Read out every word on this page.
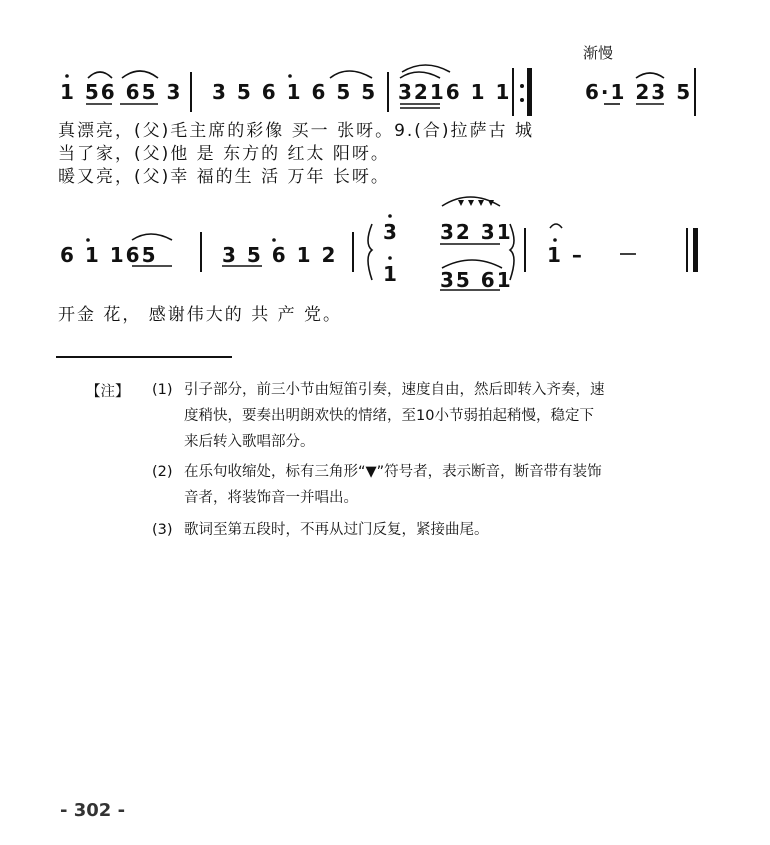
渐慢
1 56 65 3 3 5 6 1 6 5 5 3216 1 1	6·1 23 5
真漂亮，(父)毛主席的彩像 买一 张呀。9.(合)拉萨古 城
当了家，(父)他 是 东方的 红太 阳呀。
暖又亮，(父)幸 福的生 活 万年 长呀。
6 1 165	3 5 6 1 2
3
1
32 31
35 61
1 –
开金 花， 感谢伟大的 共 产 党。
【注】 (1) 引子部分，前三小节由短笛引奏，速度自由，然后即转入齐奏，速
度稍快，要奏出明朗欢快的情绪，至10小节弱拍起稍慢，稳定下
来后转入歌唱部分。
(2) 在乐句收缩处，标有三角形“▼”符号者，表示断音，断音带有装饰
音者，将装饰音一并唱出。
(3) 歌词至第五段时，不再从过门反复，紧接曲尾。
- 302 -
